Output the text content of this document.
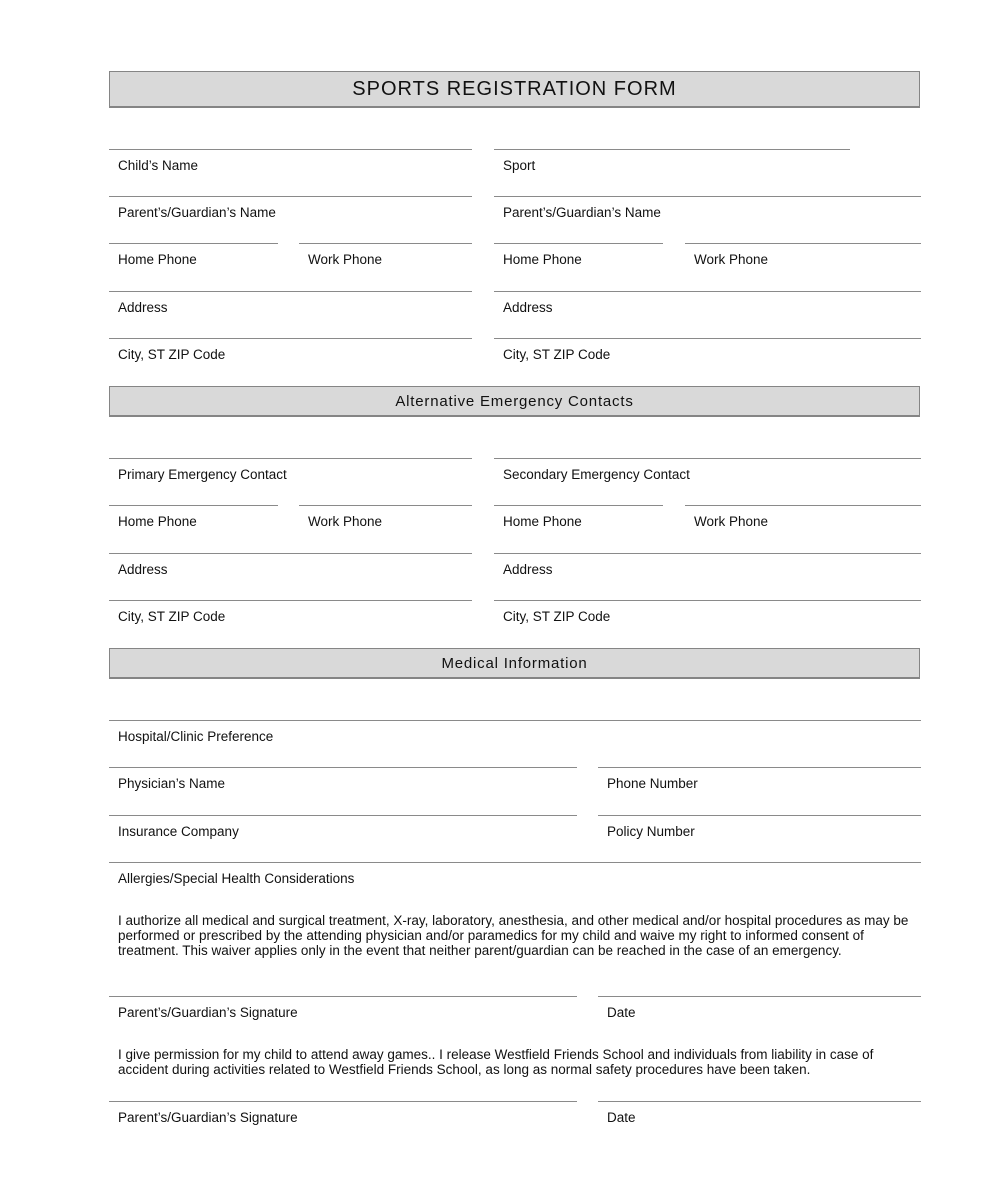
SPORTS REGISTRATION FORM
Child’s Name	Sport
Parent’s/Guardian’s Name	Parent’s/Guardian’s Name
Home Phone	Work Phone	Home Phone	Work Phone
Address	Address
City, ST ZIP Code	City, ST ZIP Code
Alternative Emergency Contacts
Primary Emergency Contact	Secondary Emergency Contact
Home Phone	Work Phone	Home Phone	Work Phone
Address	Address
City, ST ZIP Code	City, ST ZIP Code
Medical Information
Hospital/Clinic Preference
Physician’s Name	Phone Number
Insurance Company	Policy Number
Allergies/Special Health Considerations
I authorize all medical and surgical treatment, X-ray, laboratory, anesthesia, and other medical and/or hospital procedures as may be performed or prescribed by the attending physician and/or paramedics for my child and waive my right to informed consent of treatment. This waiver applies only in the event that neither parent/guardian can be reached in the case of an emergency.
Parent’s/Guardian’s Signature	Date
I give permission for my child to attend away games.. I release Westfield Friends School and individuals from liability in case of accident during activities related to Westfield Friends School, as long as normal safety procedures have been taken.
Parent’s/Guardian’s Signature	Date
